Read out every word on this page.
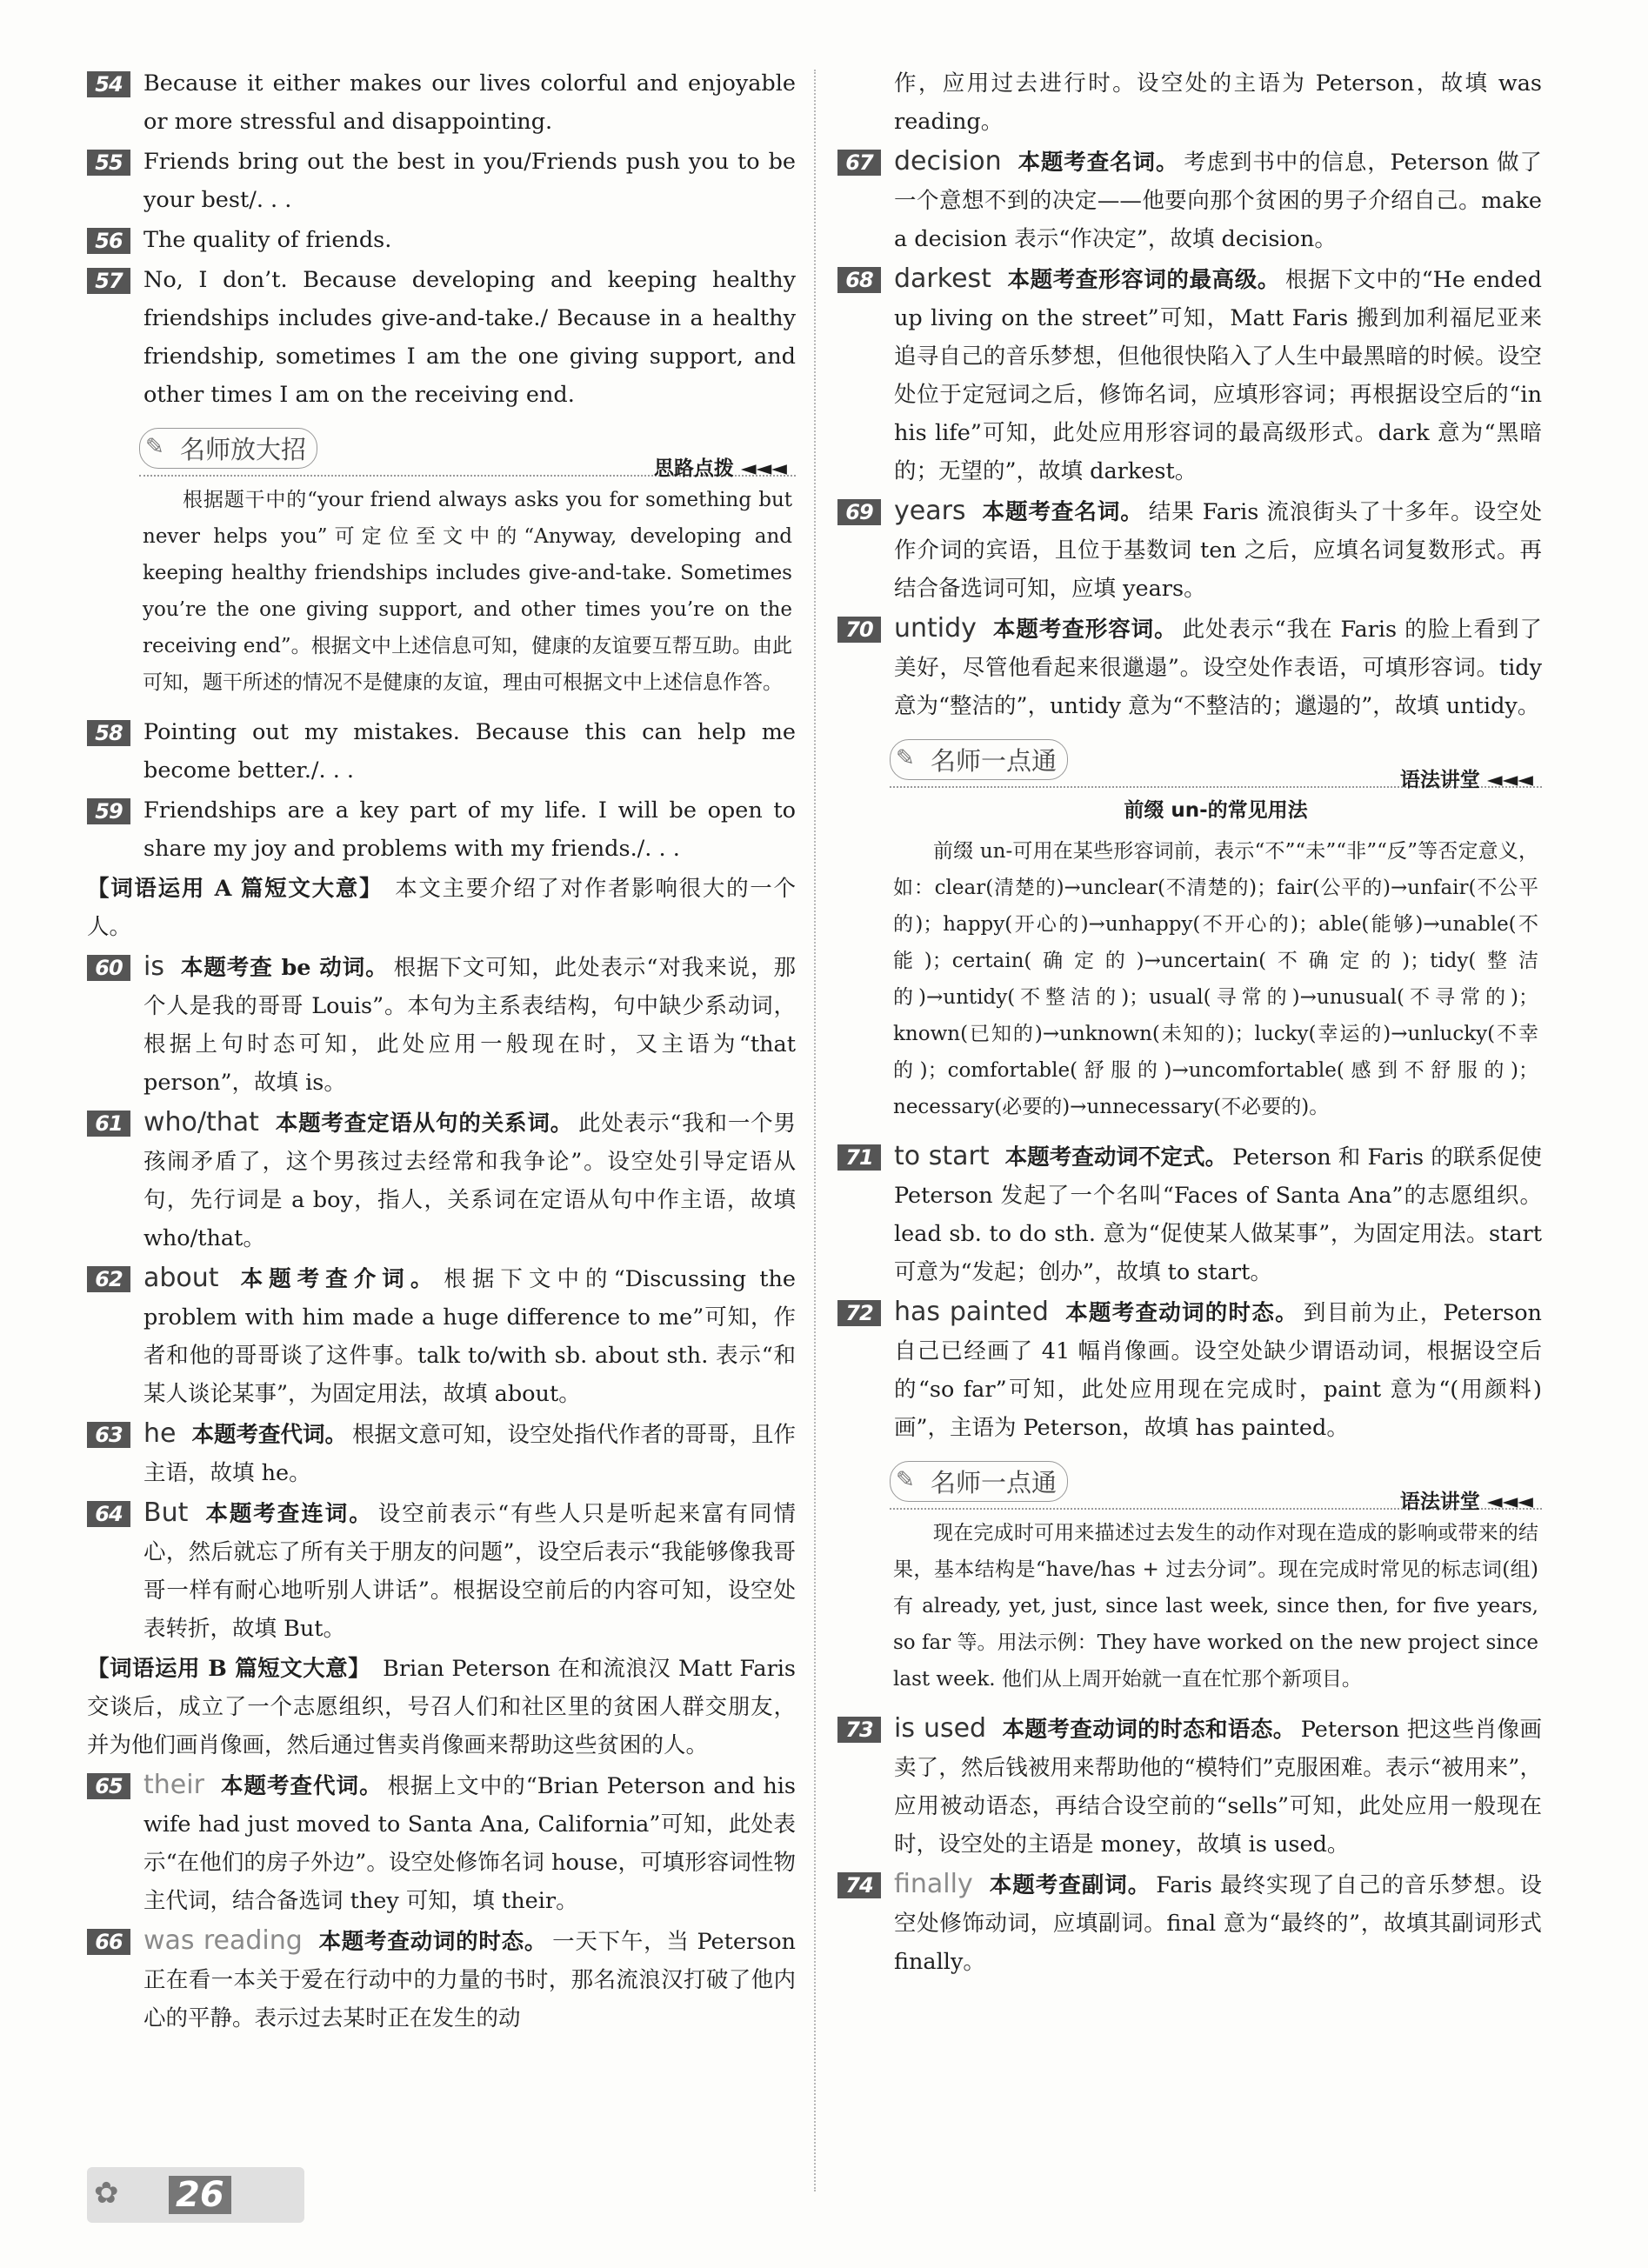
54 Because it either makes our lives colorful and enjoyable or more stressful and disappointing.
55 Friends bring out the best in you/Friends push you to be your best/. . .
56 The quality of friends.
57 No, I don’t. Because developing and keeping healthy friendships includes give-and-take./ Because in a healthy friendship, sometimes I am the one giving support, and other times I am on the receiving end.
✎ 名师放大招
思路点拨 ◄◄◄
根据题干中的“your friend always asks you for something but never helps you”可定位至文中的“Anyway, developing and keeping healthy friendships includes give-and-take. Sometimes you’re the one giving support, and other times you’re on the receiving end”。根据文中上述信息可知，健康的友谊要互帮互助。由此可知，题干所述的情况不是健康的友谊，理由可根据文中上述信息作答。
58 Pointing out my mistakes. Because this can help me become better./. . .
59 Friendships are a key part of my life. I will be open to share my joy and problems with my friends./. . .
【词语运用 A 篇短文大意】 本文主要介绍了对作者影响很大的一个人。
60 is 本题考查 be 动词。 根据下文可知，此处表示“对我来说，那个人是我的哥哥 Louis”。本句为主系表结构，句中缺少系动词，根据上句时态可知，此处应用一般现在时，又主语为“that person”，故填 is。
61 who/that 本题考查定语从句的关系词。 此处表示“我和一个男孩闹矛盾了，这个男孩过去经常和我争论”。设空处引导定语从句，先行词是 a boy，指人，关系词在定语从句中作主语，故填 who/that。
62 about 本题考查介词。 根据下文中的“Discussing the problem with him made a huge difference to me”可知，作者和他的哥哥谈了这件事。talk to/with sb. about sth. 表示“和某人谈论某事”，为固定用法，故填 about。
63 he 本题考查代词。 根据文意可知，设空处指代作者的哥哥，且作主语，故填 he。
64 But 本题考查连词。 设空前表示“有些人只是听起来富有同情心，然后就忘了所有关于朋友的问题”，设空后表示“我能够像我哥哥一样有耐心地听别人讲话”。根据设空前后的内容可知，设空处表转折，故填 But。
【词语运用 B 篇短文大意】 Brian Peterson 在和流浪汉 Matt Faris 交谈后，成立了一个志愿组织，号召人们和社区里的贫困人群交朋友，并为他们画肖像画，然后通过售卖肖像画来帮助这些贫困的人。
65 their 本题考查代词。 根据上文中的“Brian Peterson and his wife had just moved to Santa Ana, California”可知，此处表示“在他们的房子外边”。设空处修饰名词 house，可填形容词性物主代词，结合备选词 they 可知，填 their。
66 was reading 本题考查动词的时态。 一天下午，当 Peterson 正在看一本关于爱在行动中的力量的书时，那名流浪汉打破了他内心的平静。表示过去某时正在发生的动
作，应用过去进行时。设空处的主语为 Peterson，故填 was reading。
67 decision 本题考查名词。 考虑到书中的信息，Peterson 做了一个意想不到的决定——他要向那个贫困的男子介绍自己。make a decision 表示“作决定”，故填 decision。
68 darkest 本题考查形容词的最高级。 根据下文中的“He ended up living on the street”可知，Matt Faris 搬到加利福尼亚来追寻自己的音乐梦想，但他很快陷入了人生中最黑暗的时候。设空处位于定冠词之后，修饰名词，应填形容词；再根据设空后的“in his life”可知，此处应用形容词的最高级形式。dark 意为“黑暗的；无望的”，故填 darkest。
69 years 本题考查名词。 结果 Faris 流浪街头了十多年。设空处作介词的宾语，且位于基数词 ten 之后，应填名词复数形式。再结合备选词可知，应填 years。
70 untidy 本题考查形容词。 此处表示“我在 Faris 的脸上看到了美好，尽管他看起来很邋遢”。设空处作表语，可填形容词。tidy 意为“整洁的”，untidy 意为“不整洁的；邋遢的”，故填 untidy。
✎ 名师一点通
语法讲堂 ◄◄◄
前缀 un-的常见用法
前缀 un-可用在某些形容词前，表示“不”“未”“非”“反”等否定意义，如：clear(清楚的)→unclear(不清楚的)；fair(公平的)→unfair(不公平的)；happy(开心的)→unhappy(不开心的)；able(能够)→unable(不能)；certain(确定的)→uncertain(不确定的)；tidy(整洁的)→untidy(不整洁的)；usual(寻常的)→unusual(不寻常的)；known(已知的)→unknown(未知的)；lucky(幸运的)→unlucky(不幸的)；comfortable(舒服的)→uncomfortable(感到不舒服的)；necessary(必要的)→unnecessary(不必要的)。
71 to start 本题考查动词不定式。 Peterson 和 Faris 的联系促使 Peterson 发起了一个名叫“Faces of Santa Ana”的志愿组织。lead sb. to do sth. 意为“促使某人做某事”，为固定用法。start 可意为“发起；创办”，故填 to start。
72 has painted 本题考查动词的时态。 到目前为止，Peterson 自己已经画了 41 幅肖像画。设空处缺少谓语动词，根据设空后的“so far”可知，此处应用现在完成时，paint 意为“(用颜料)画”，主语为 Peterson，故填 has painted。
✎ 名师一点通
语法讲堂 ◄◄◄
现在完成时可用来描述过去发生的动作对现在造成的影响或带来的结果，基本结构是“have/has + 过去分词”。现在完成时常见的标志词(组)有 already, yet, just, since last week, since then, for five years, so far 等。用法示例：They have worked on the new project since last week. 他们从上周开始就一直在忙那个新项目。
73 is used 本题考查动词的时态和语态。 Peterson 把这些肖像画卖了，然后钱被用来帮助他的“模特们”克服困难。表示“被用来”，应用被动语态，再结合设空前的“sells”可知，此处应用一般现在时，设空处的主语是 money，故填 is used。
74 finally 本题考查副词。 Faris 最终实现了自己的音乐梦想。设空处修饰动词，应填副词。final 意为“最终的”，故填其副词形式 finally。
✿ 26
